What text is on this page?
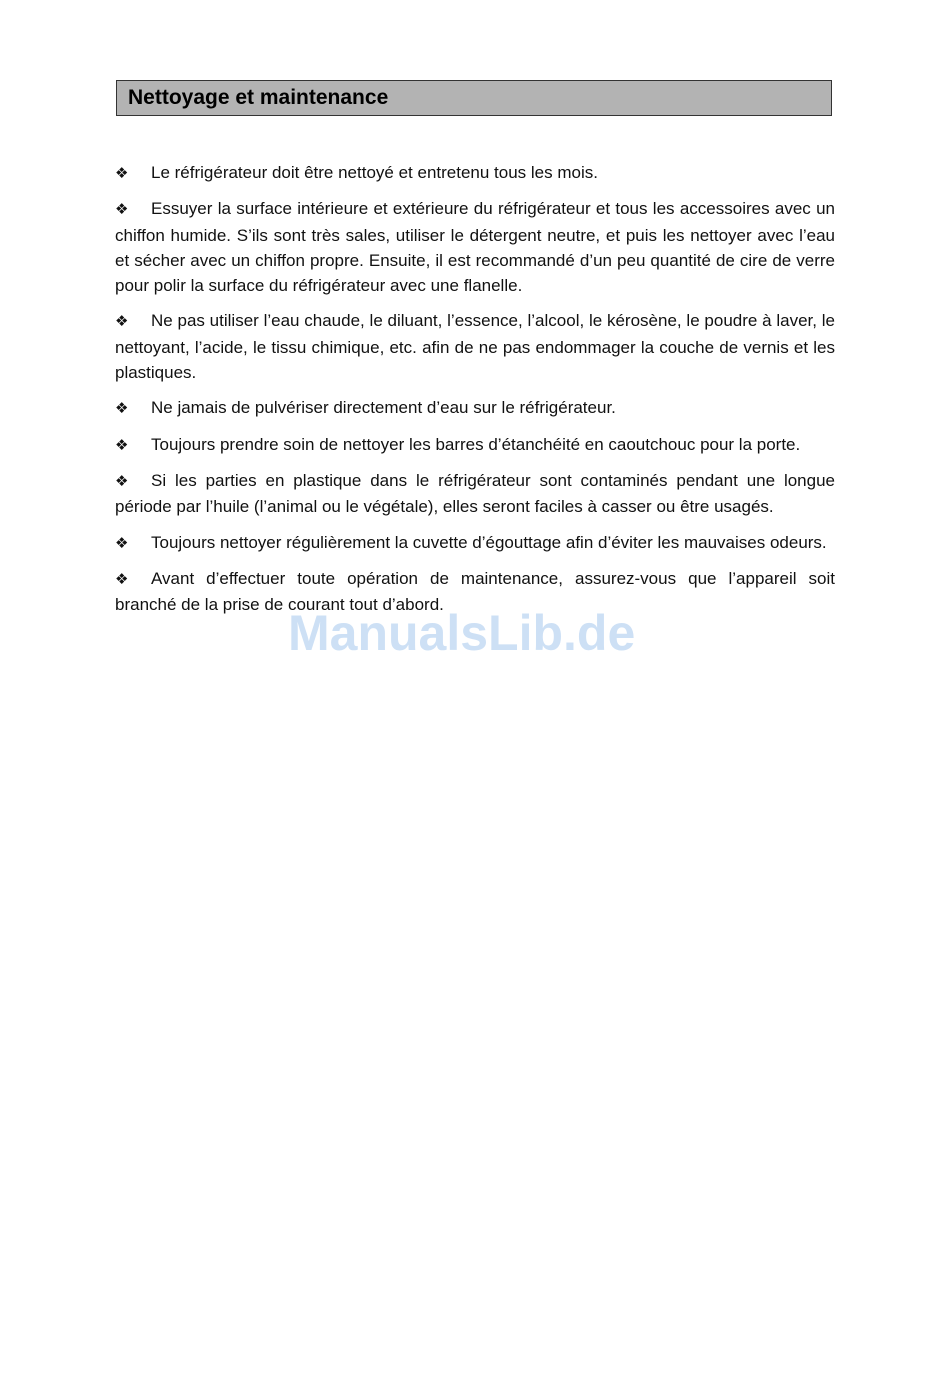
Nettoyage et maintenance

❖ Le réfrigérateur doit être nettoyé et entretenu tous les mois.

❖ Essuyer la surface intérieure et extérieure du réfrigérateur et tous les accessoires avec un chiffon humide. S’ils sont très sales, utiliser le détergent neutre, et puis les nettoyer avec l’eau et sécher avec un chiffon propre. Ensuite, il est recommandé d’un peu quantité de cire de verre pour polir la surface du réfrigérateur avec une flanelle.

❖ Ne pas utiliser l’eau chaude, le diluant, l’essence, l’alcool, le kérosène, le poudre à laver, le nettoyant, l’acide, le tissu chimique, etc. afin de ne pas endommager la couche de vernis et les plastiques.

❖ Ne jamais de pulvériser directement d’eau sur le réfrigérateur.

❖ Toujours prendre soin de nettoyer les barres d’étanchéité en caoutchouc pour la porte.

❖ Si les parties en plastique dans le réfrigérateur sont contaminés pendant une longue période par l’huile (l’animal ou le végétale), elles seront faciles à casser ou être usagés.

❖ Toujours nettoyer régulièrement la cuvette d’égouttage afin d’éviter les mauvaises odeurs.

❖ Avant d’effectuer toute opération de maintenance, assurez-vous que l’appareil soit branché de la prise de courant tout d’abord.

ManualsLib.de
